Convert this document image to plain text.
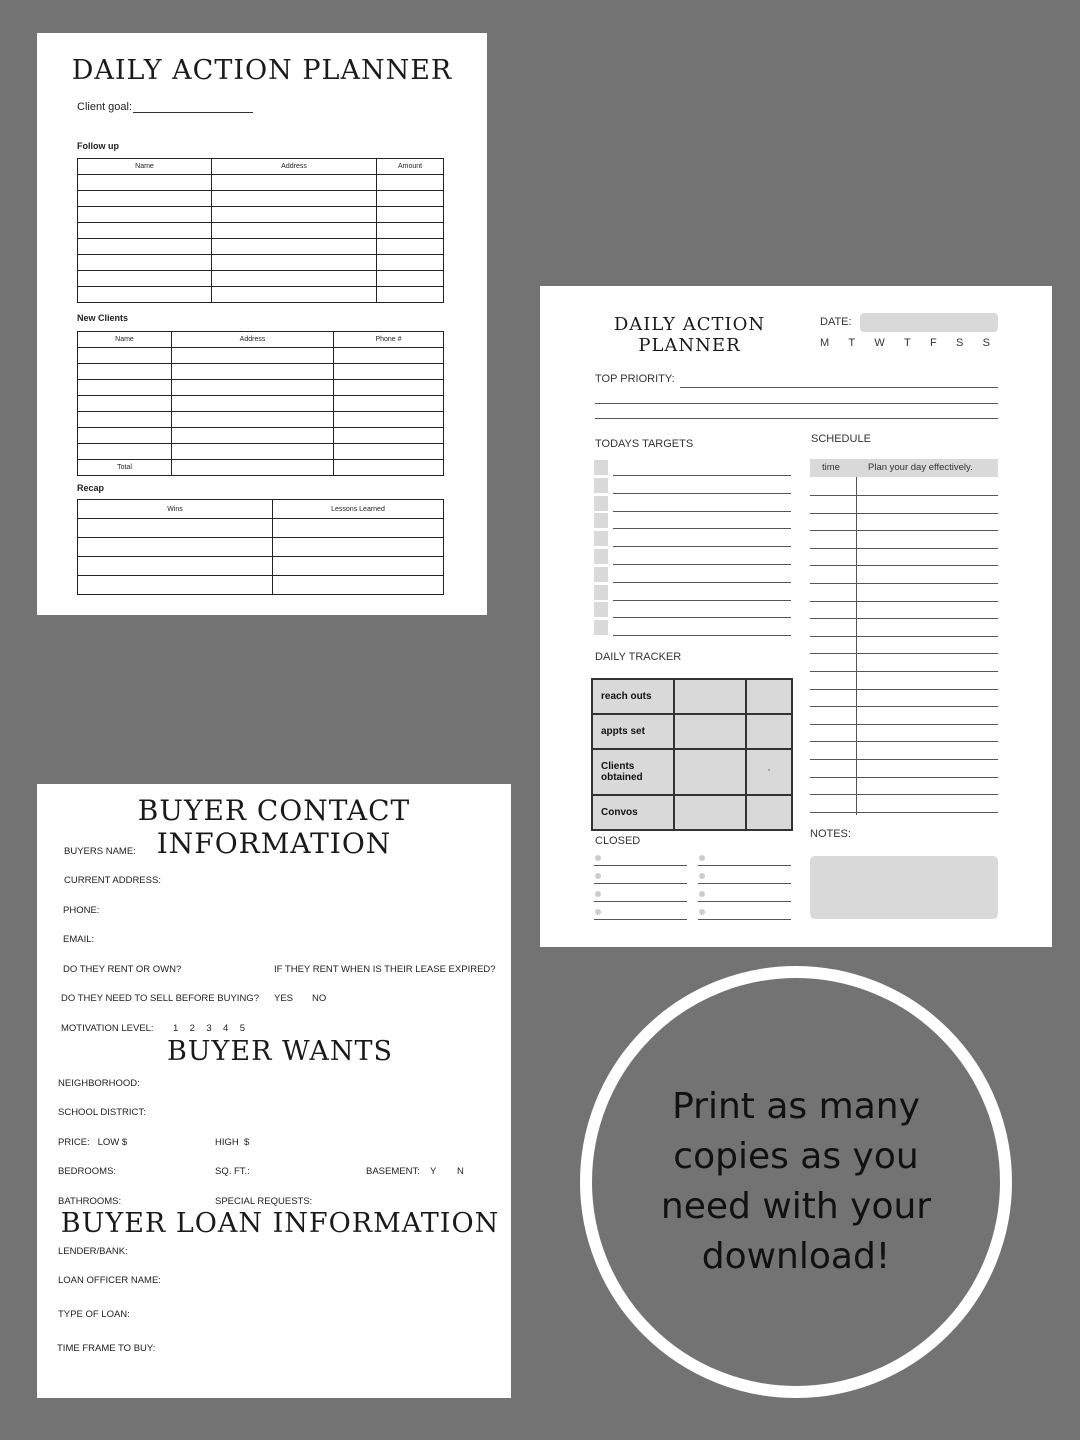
DAILY ACTION PLANNER
Client goal:
Follow up
Name	Address	Amount

New Clients
Name	Address	Phone #

Total		
Recap
Wins	Lessons Learned

DAILY ACTION
PLANNER
DATE:
M T W T F S S
TOP PRIORITY:
TODAYS TARGETS	SCHEDULE
time	Plan your day effectively.
DAILY TRACKER
reach outs		
appts set		
Clients obtained		'
Convos		
CLOSED
NOTES:
BUYER CONTACT INFORMATION
BUYERS NAME:
CURRENT ADDRESS:
PHONE:
EMAIL:
DO THEY RENT OR OWN?	IF THEY RENT WHEN IS THEIR LEASE EXPIRED?
DO THEY NEED TO SELL BEFORE BUYING? YES NO
MOTIVATION LEVEL: 1 2 3 4 5
BUYER WANTS
NEIGHBORHOOD:
SCHOOL DISTRICT:
PRICE:   LOW $	HIGH  $
BEDROOMS:	SQ. FT.:	BASEMENT: Y N
BATHROOMS:	SPECIAL REQUESTS:
BUYER LOAN INFORMATION
LENDER/BANK:
LOAN OFFICER NAME:
TYPE OF LOAN:
TIME FRAME TO BUY:
Print as many copies as you need with your download!
